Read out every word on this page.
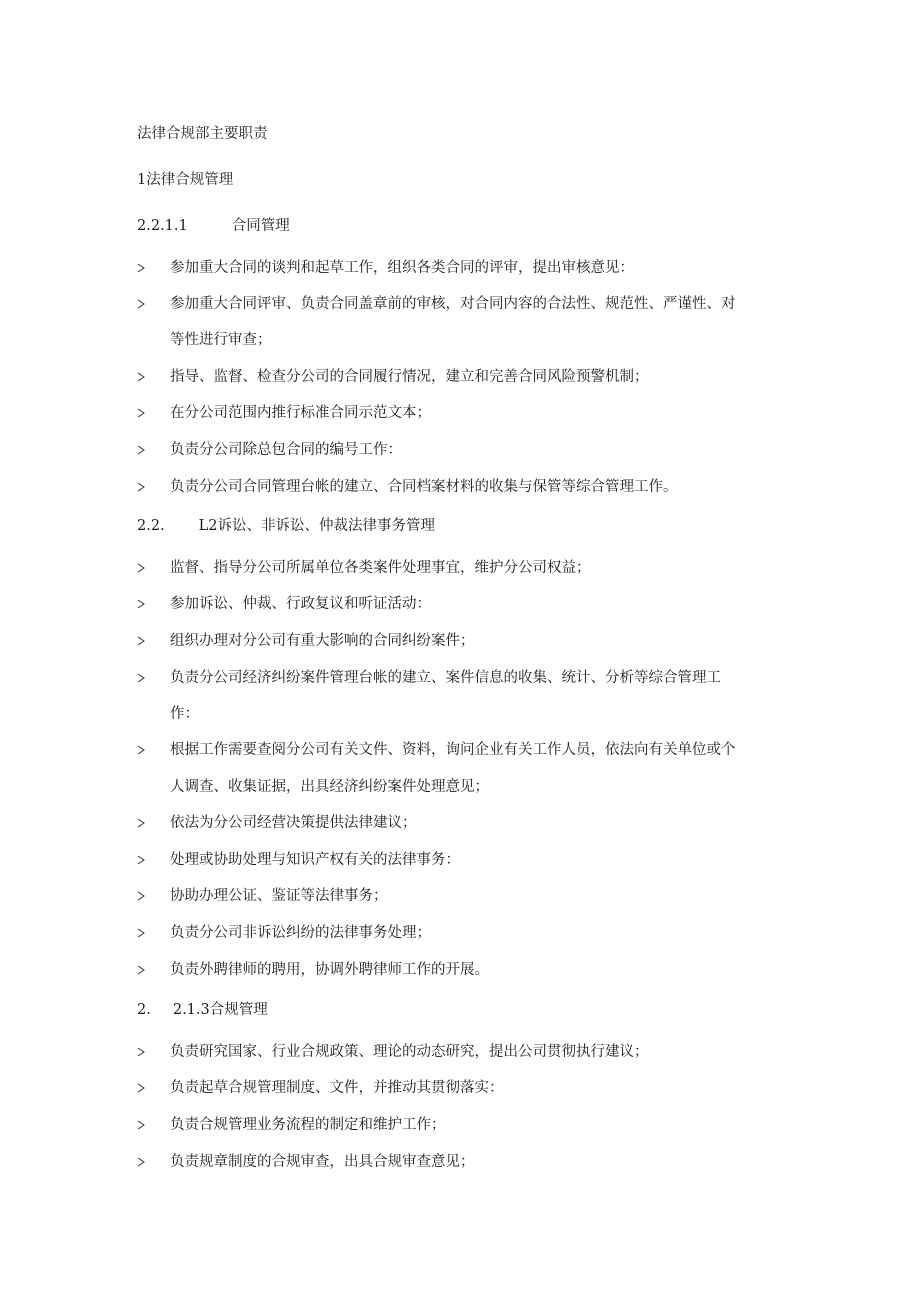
法律合规部主要职责
1法律合规管理
2.2.1.1	合同管理
参加重大合同的谈判和起草工作，组织各类合同的评审，提出审核意见：
参加重大合同评审、负责合同盖章前的审核，对合同内容的合法性、规范性、严谨性、对
等性进行审查；
指导、监督、检查分公司的合同履行情况，建立和完善合同风险预警机制；
在分公司范围内推行标准合同示范文本；
负责分公司除总包合同的编号工作：
负责分公司合同管理台帐的建立、合同档案材料的收集与保管等综合管理工作。
2.2. L2诉讼、非诉讼、仲裁法律事务管理
监督、指导分公司所属单位各类案件处理事宜，维护分公司权益；
参加诉讼、仲裁、行政复议和听证活动：
组织办理对分公司有重大影响的合同纠纷案件；
负责分公司经济纠纷案件管理台帐的建立、案件信息的收集、统计、分析等综合管理工
作：
根据工作需要查阅分公司有关文件、资料，询问企业有关工作人员，依法向有关单位或个
人调查、收集证据，出具经济纠纷案件处理意见；
依法为分公司经营决策提供法律建议；
处理或协助处理与知识产权有关的法律事务：
协助办理公证、鉴证等法律事务；
负责分公司非诉讼纠纷的法律事务处理；
负责外聘律师的聘用，协调外聘律师工作的开展。
2. 2.1.3合规管理
负责研究国家、行业合规政策、理论的动态研究，提出公司贯彻执行建议；
负责起草合规管理制度、文件，并推动其贯彻落实：
负责合规管理业务流程的制定和维护工作；
负责规章制度的合规审查，出具合规审查意见；
